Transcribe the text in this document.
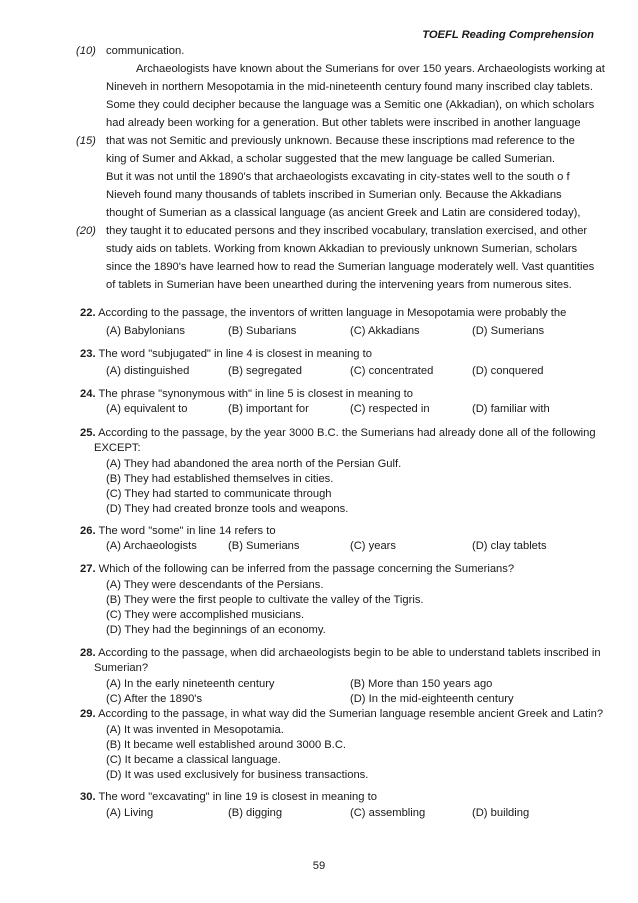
TOEFL Reading Comprehension
(10) communication.
Archaeologists have known about the Sumerians for over 150 years. Archaeologists working at
Nineveh in northern Mesopotamia in the mid-nineteenth century found many inscribed clay tablets.
Some they could decipher because the language was a Semitic one (Akkadian), on which scholars
had already been working for a generation. But other tablets were inscribed in another language
(15) that was not Semitic and previously unknown. Because these inscriptions mad reference to the
king of Sumer and Akkad, a scholar suggested that the mew language be called Sumerian.
But it was not until the 1890's that archaeologists excavating in city-states well to the south o f
Nieveh found many thousands of tablets inscribed in Sumerian only. Because the Akkadians
thought of Sumerian as a classical language (as ancient Greek and Latin are considered today),
(20) they taught it to educated persons and they inscribed vocabulary, translation exercised, and other
study aids on tablets. Working from known Akkadian to previously unknown Sumerian, scholars
since the 1890's have learned how to read the Sumerian language moderately well. Vast quantities
of tablets in Sumerian have been unearthed during the intervening years from numerous sites.
22. According to the passage, the inventors of written language in Mesopotamia were probably the
(A) Babylonians	(B) Subarians	(C) Akkadians	(D) Sumerians
23. The word "subjugated" in line 4 is closest in meaning to
(A) distinguished	(B) segregated	(C) concentrated	(D) conquered
24. The phrase "synonymous with" in line 5 is closest in meaning to
(A) equivalent to	(B) important for	(C) respected in	(D) familiar with
25. According to the passage, by the year 3000 B.C. the Sumerians had already done all of the following
EXCEPT:
(A) They had abandoned the area north of the Persian Gulf.
(B) They had established themselves in cities.
(C) They had started to communicate through
(D) They had created bronze tools and weapons.
26. The word "some" in line 14 refers to
(A) Archaeologists	(B) Sumerians	(C) years	(D) clay tablets
27. Which of the following can be inferred from the passage concerning the Sumerians?
(A) They were descendants of the Persians.
(B) They were the first people to cultivate the valley of the Tigris.
(C) They were accomplished musicians.
(D) They had the beginnings of an economy.
28. According to the passage, when did archaeologists begin to be able to understand tablets inscribed in
Sumerian?
(A) In the early nineteenth century	(B) More than 150 years ago
(C) After the 1890's	(D) In the mid-eighteenth century
29. According to the passage, in what way did the Sumerian language resemble ancient Greek and Latin?
(A) It was invented in Mesopotamia.
(B) It became well established around 3000 B.C.
(C) It became a classical language.
(D) It was used exclusively for business transactions.
30. The word "excavating" in line 19 is closest in meaning to
(A) Living	(B) digging	(C) assembling	(D) building
59
